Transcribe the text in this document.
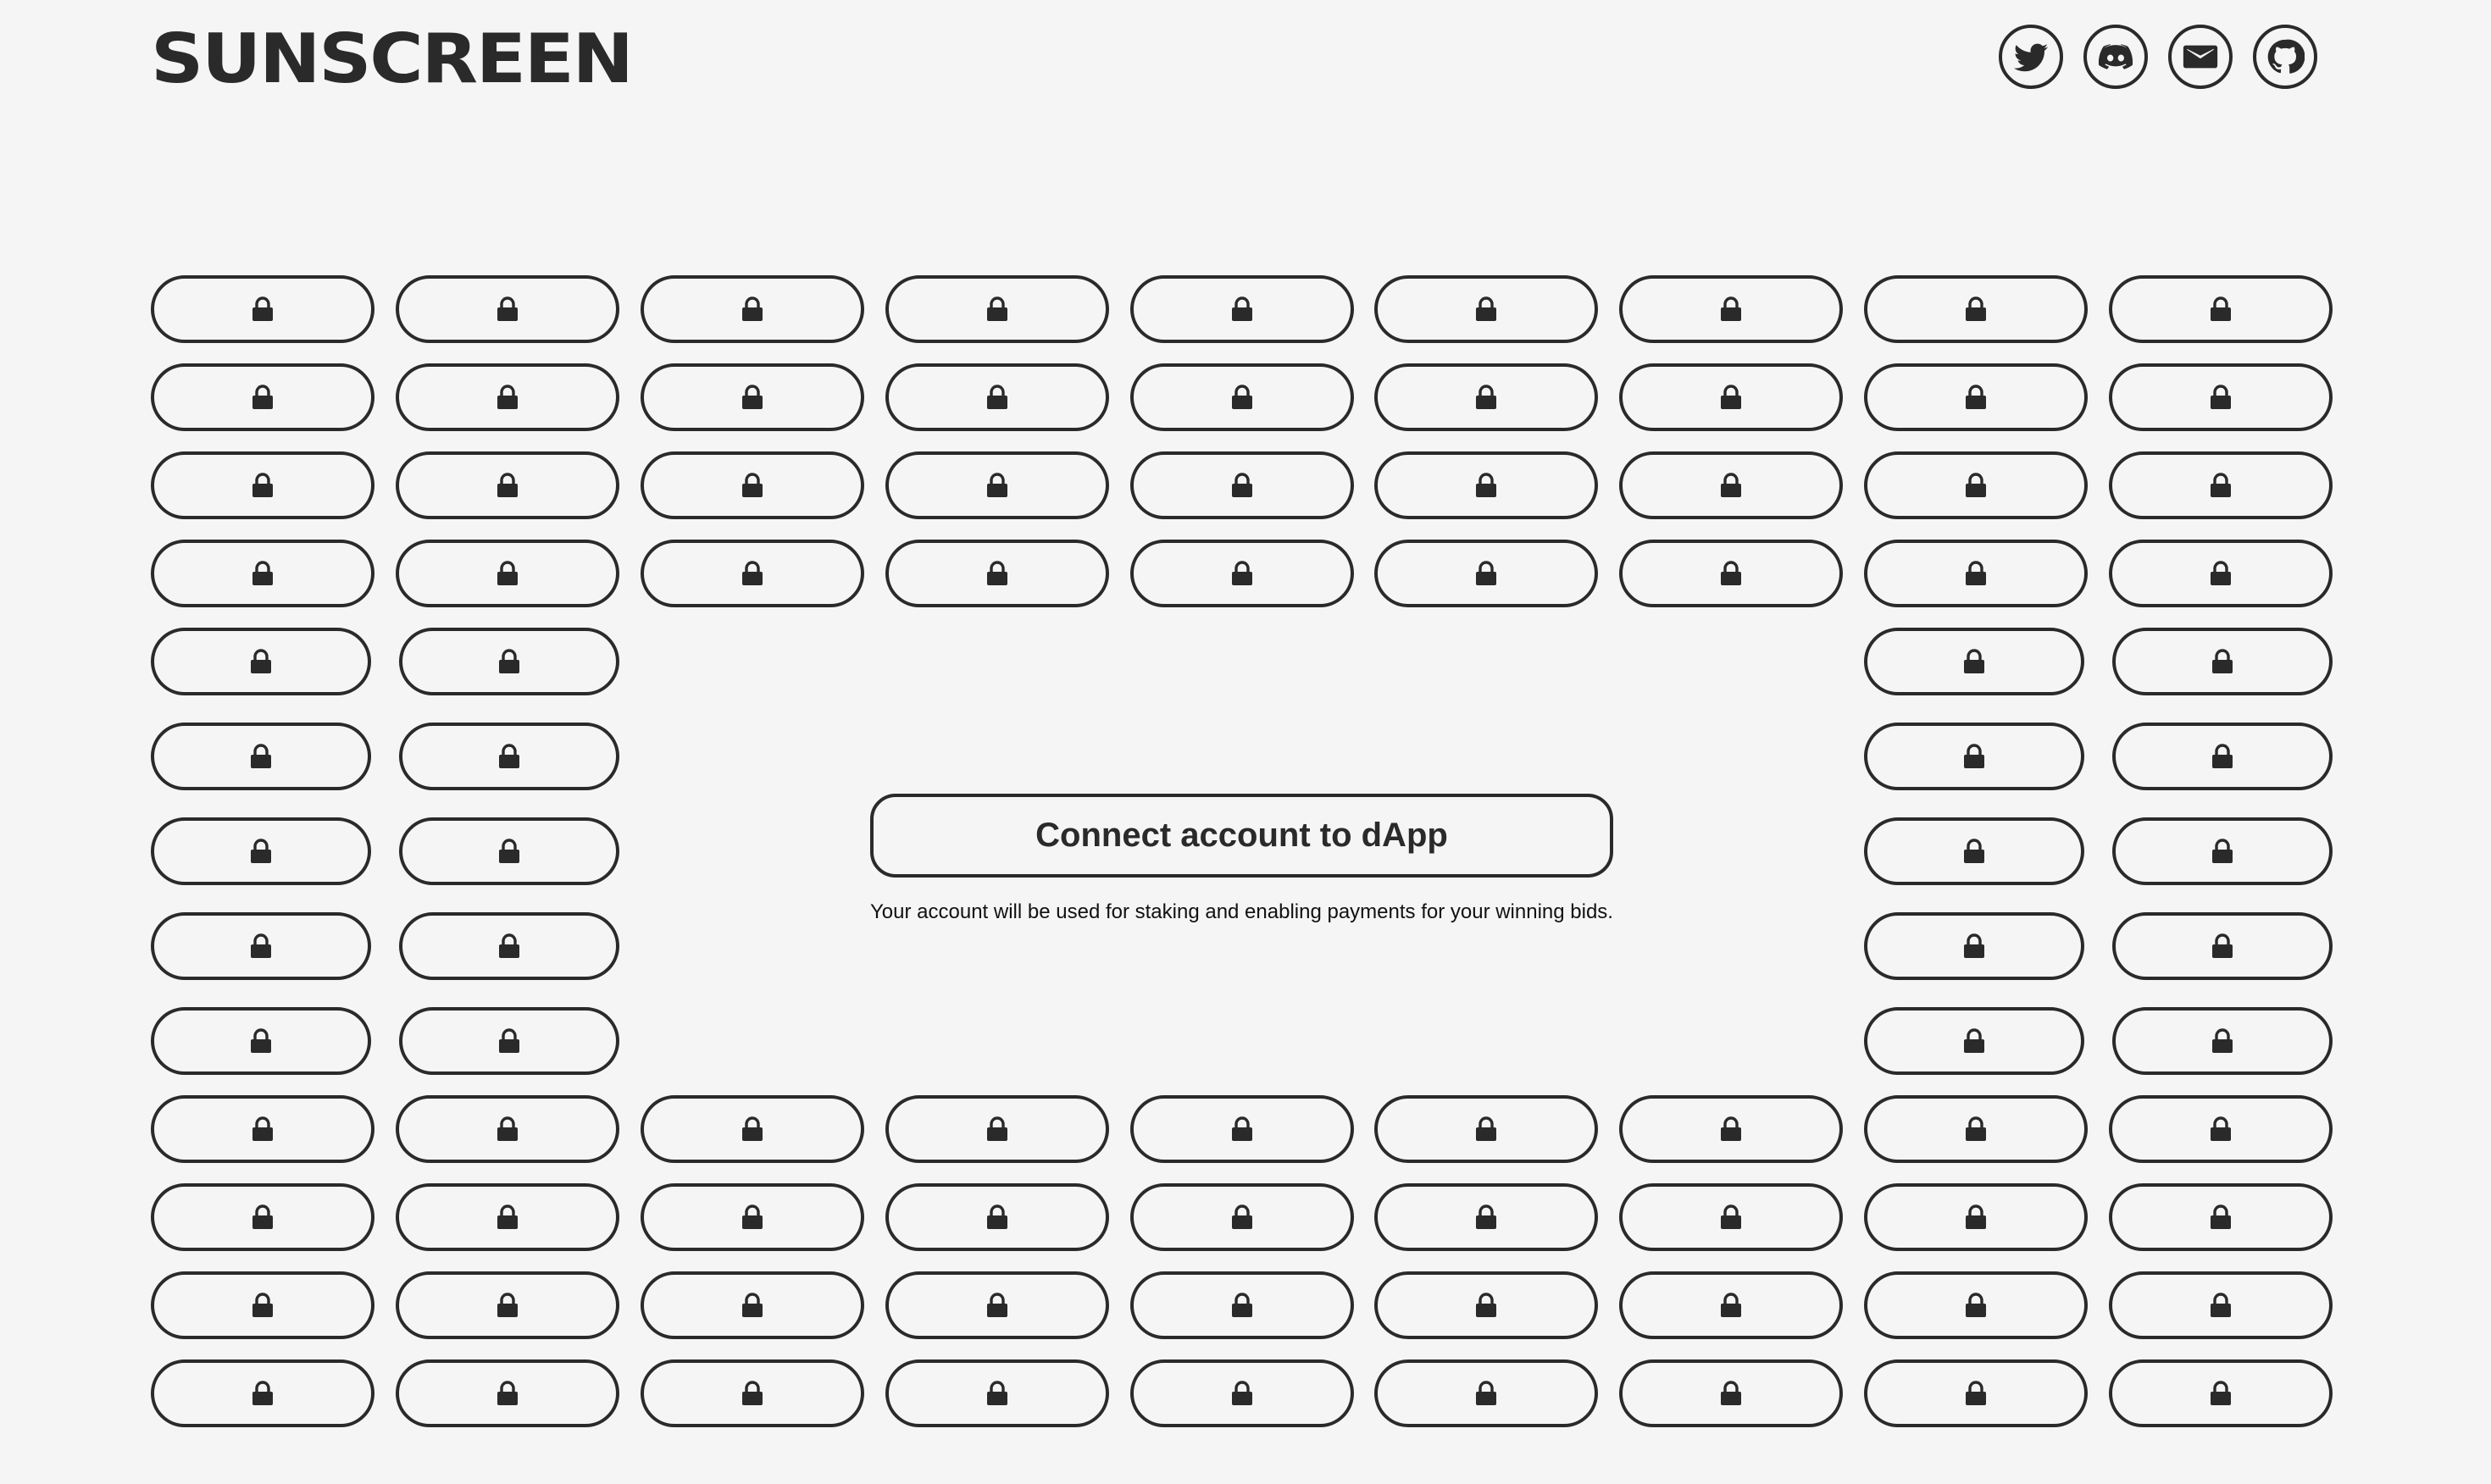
SUNSCREEN
Connect account to dApp

Your account will be used for staking and enabling payments for your winning bids.
